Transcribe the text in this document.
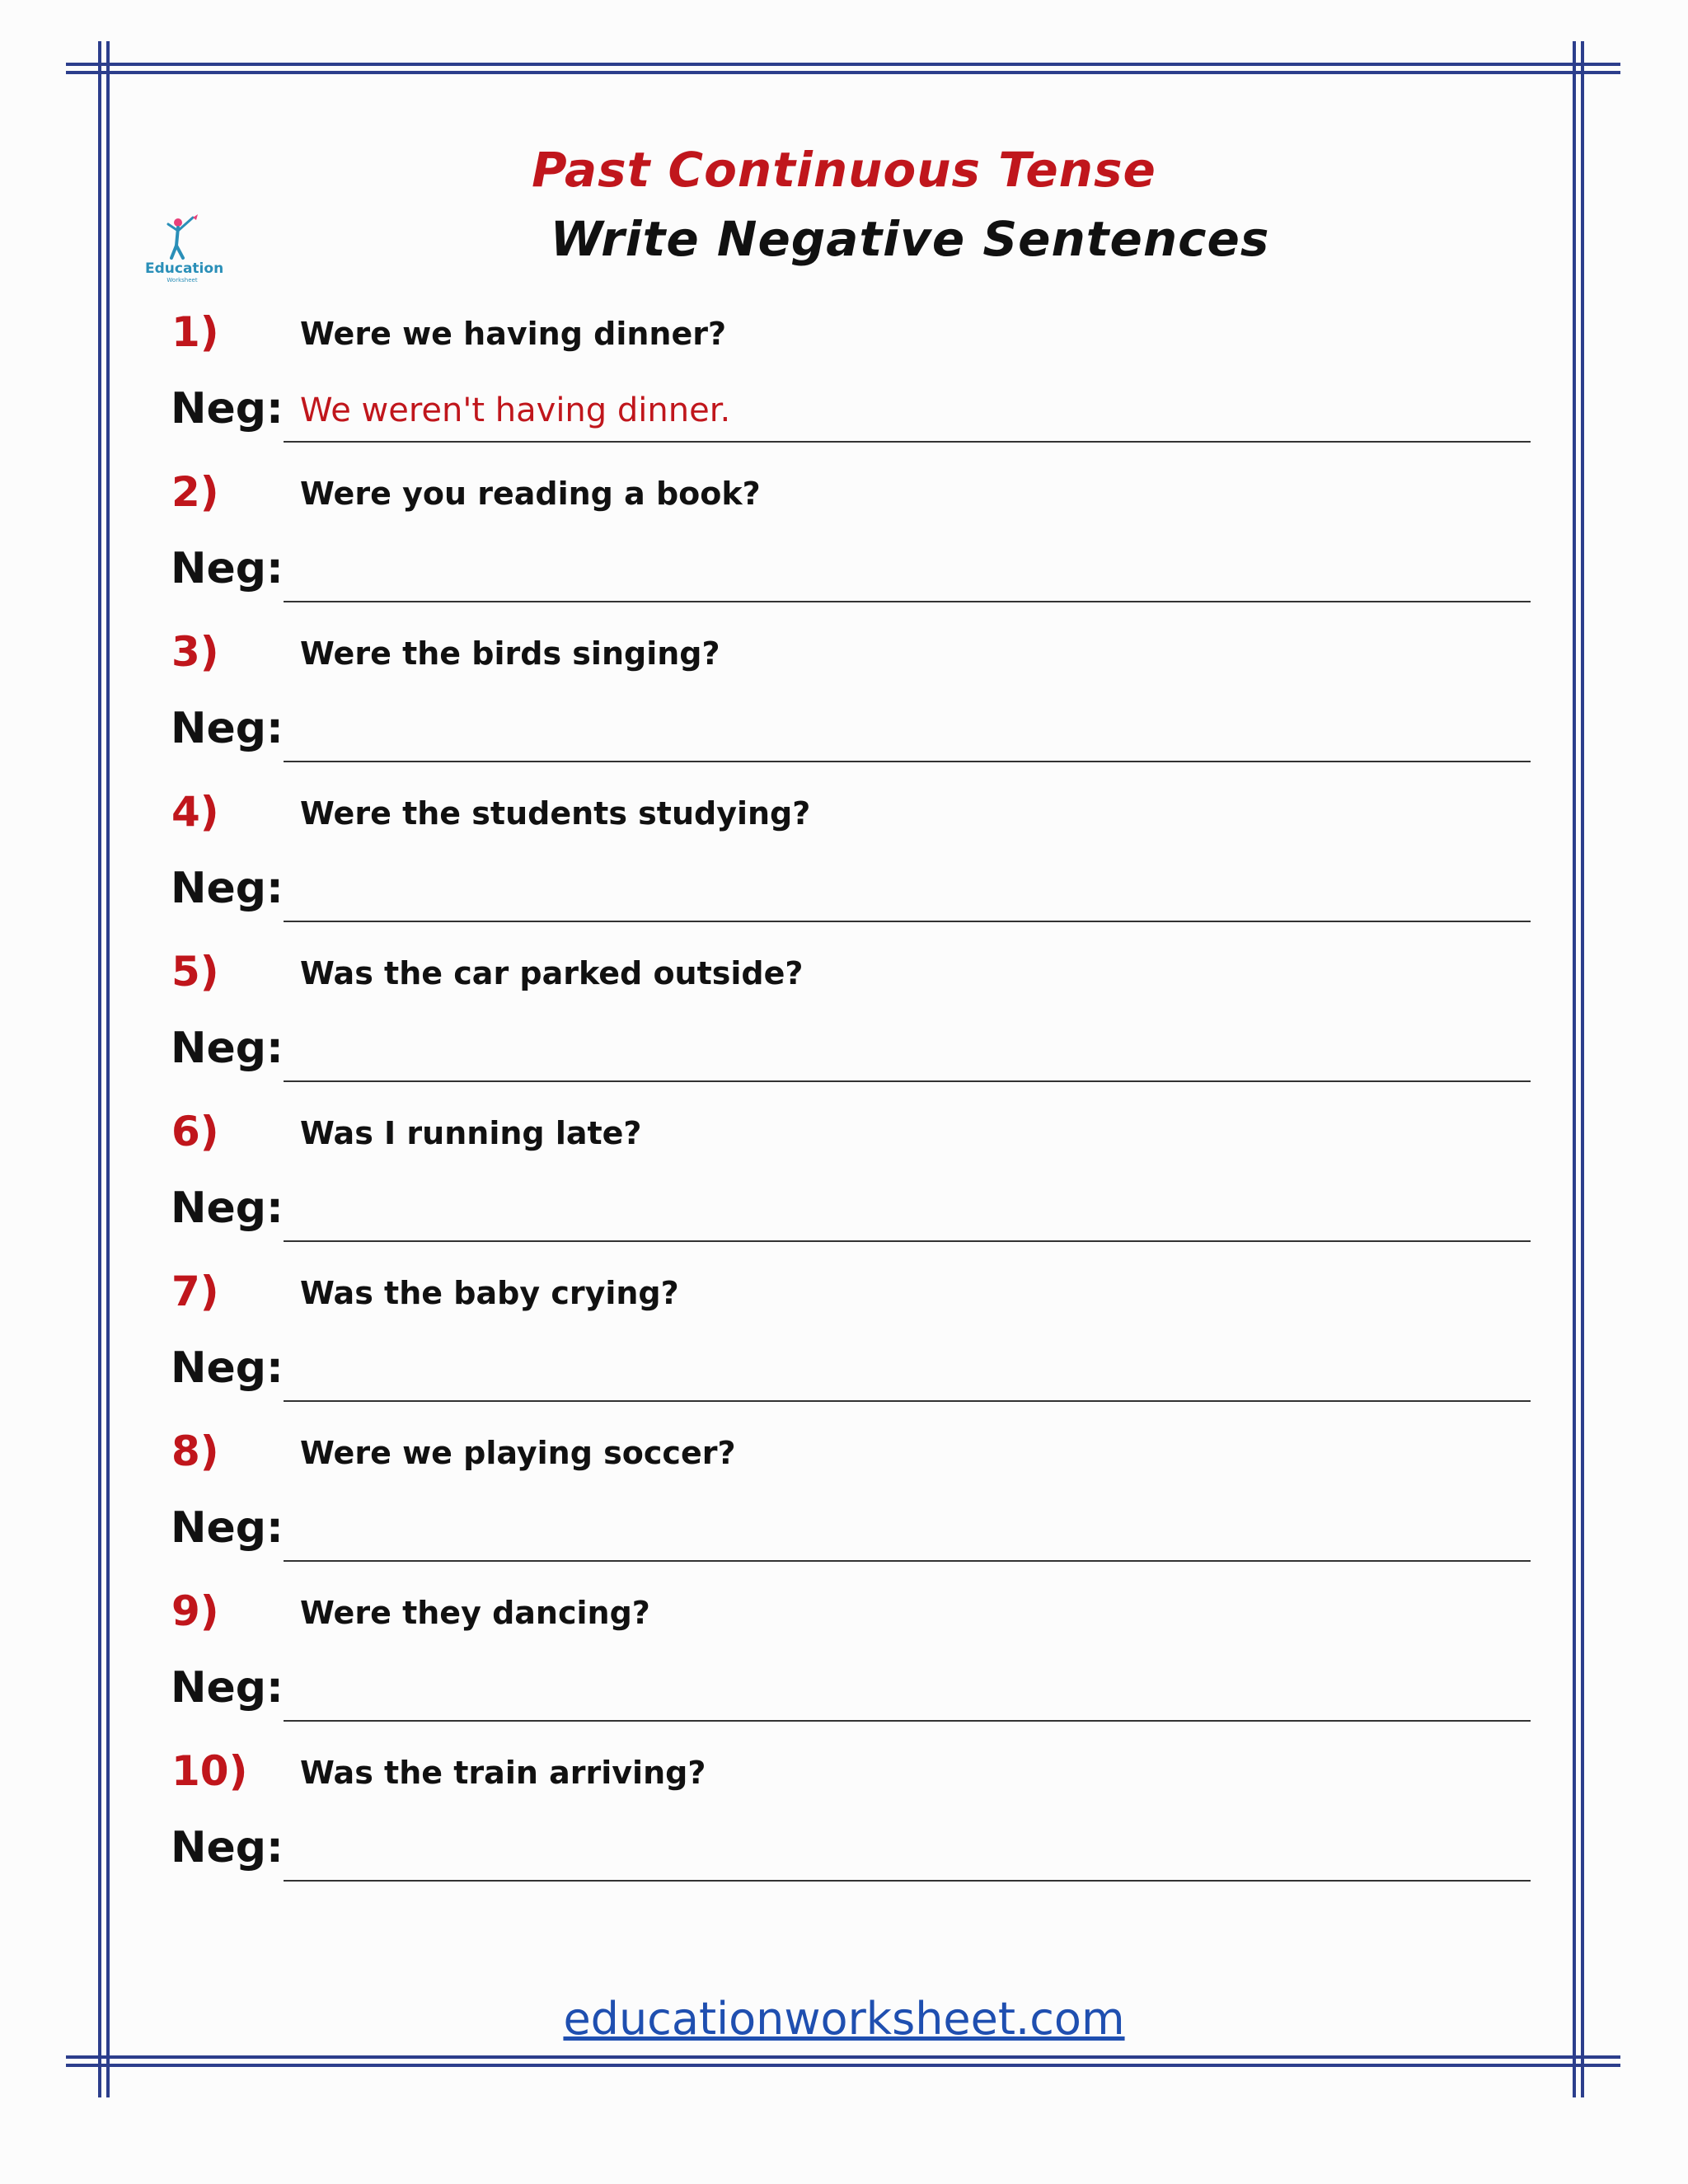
Past Continuous Tense
Write Negative Sentences
Education
Worksheet
1)	Were we having dinner?
Neg: We weren't having dinner.
2)	Were you reading a book?
Neg:
3)	Were the birds singing?
Neg:
4)	Were the students studying?
Neg:
5)	Was the car parked outside?
Neg:
6)	Was I running late?
Neg:
7)	Was the baby crying?
Neg:
8)	Were we playing soccer?
Neg:
9)	Were they dancing?
Neg:
10) Was the train arriving?
Neg:
educationworksheet.com
